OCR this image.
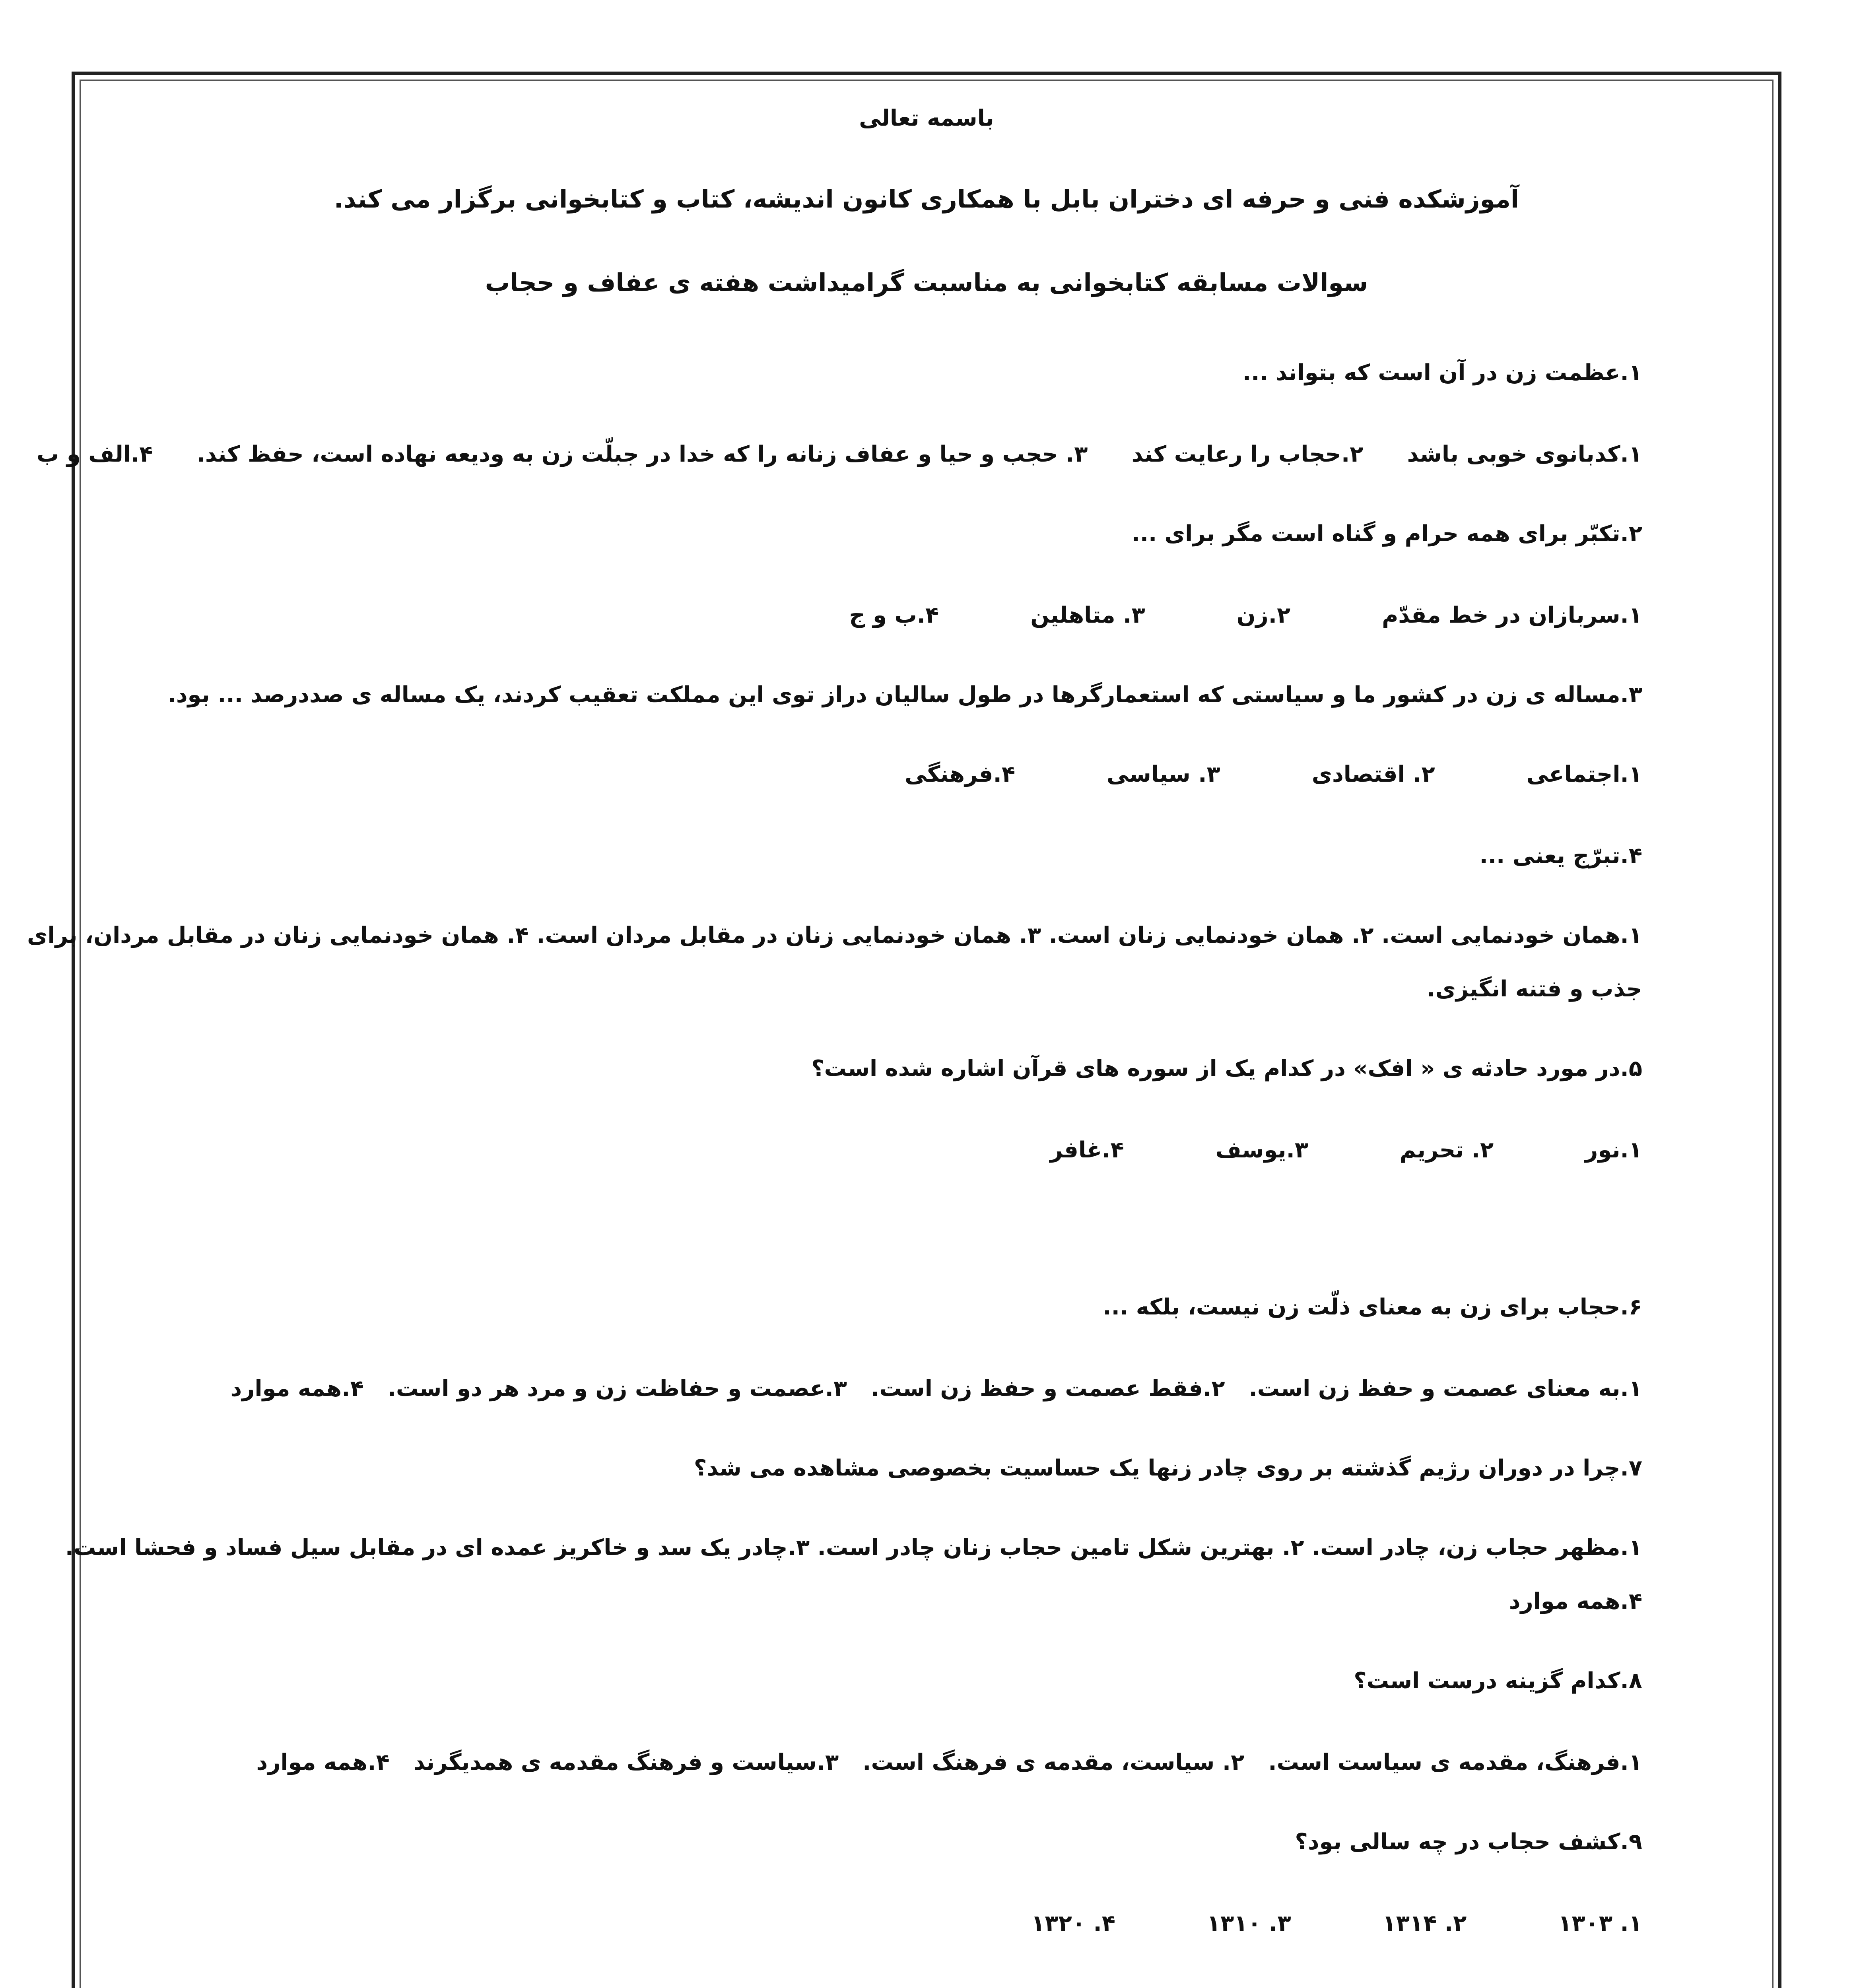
باسمه تعالی
آموزشکده فنی و حرفه ای دختران بابل با همکاری کانون اندیشه، کتاب و کتابخوانی برگزار می کند.
سوالات مسابقه کتابخوانی به مناسبت گرامیداشت هفته ی عفاف و حجاب
۱.عظمت زن در آن است که بتواند ...
۱.کدبانوی خوبی باشد
۲.حجاب را رعایت کند
۳. حجب و حیا و عفاف زنانه را که خدا در جبلّت زن به ودیعه نهاده است، حفظ کند.
۴.الف و ب
۲.تکبّر برای همه حرام و گناه است مگر برای ...
۱.سربازان در خط مقدّم
۲.زن
۳. متاهلین
۴.ب و ج
۳.مساله ی زن در کشور ما و سیاستی که استعمارگرها در طول سالیان دراز توی این مملکت تعقیب کردند، یک مساله ی صددرصد ... بود.
۱.اجتماعی
۲. اقتصادی
۳. سیاسی
۴.فرهنگی
۴.تبرّج یعنی ...
۱.همان خودنمایی است. ۲. همان خودنمایی زنان است. ۳. همان خودنمایی زنان در مقابل مردان است. ۴. همان خودنمایی زنان در مقابل مردان، برای
جذب و فتنه انگیزی.
۵.در مورد حادثه ی « افک» در کدام یک از سوره های قرآن اشاره شده است؟
۱.نور
۲. تحریم
۳.یوسف
۴.غافر
۶.حجاب برای زن به معنای ذلّت زن نیست، بلکه ...
۱.به معنای عصمت و حفظ زن است.
۲.فقط عصمت و حفظ زن است.
۳.عصمت و حفاظت زن و مرد هر دو است.
۴.همه موارد
۷.چرا در دوران رژیم گذشته بر روی چادر زنها یک حساسیت بخصوصی مشاهده می شد؟
۱.مظهر حجاب زن، چادر است. ۲. بهترین شکل تامین حجاب زنان چادر است. ۳.چادر یک سد و خاکریز عمده ای در مقابل سیل فساد و فحشا است.
۴.همه موارد
۸.کدام گزینه درست است؟
۱.فرهنگ، مقدمه ی سیاست است.
۲. سیاست، مقدمه ی فرهنگ است.
۳.سیاست و فرهنگ مقدمه ی همدیگرند
۴.همه موارد
۹.کشف حجاب در چه سالی بود؟
۱. ۱۳۰۳
۲. ۱۳۱۴
۳. ۱۳۱۰
۴. ۱۳۲۰
